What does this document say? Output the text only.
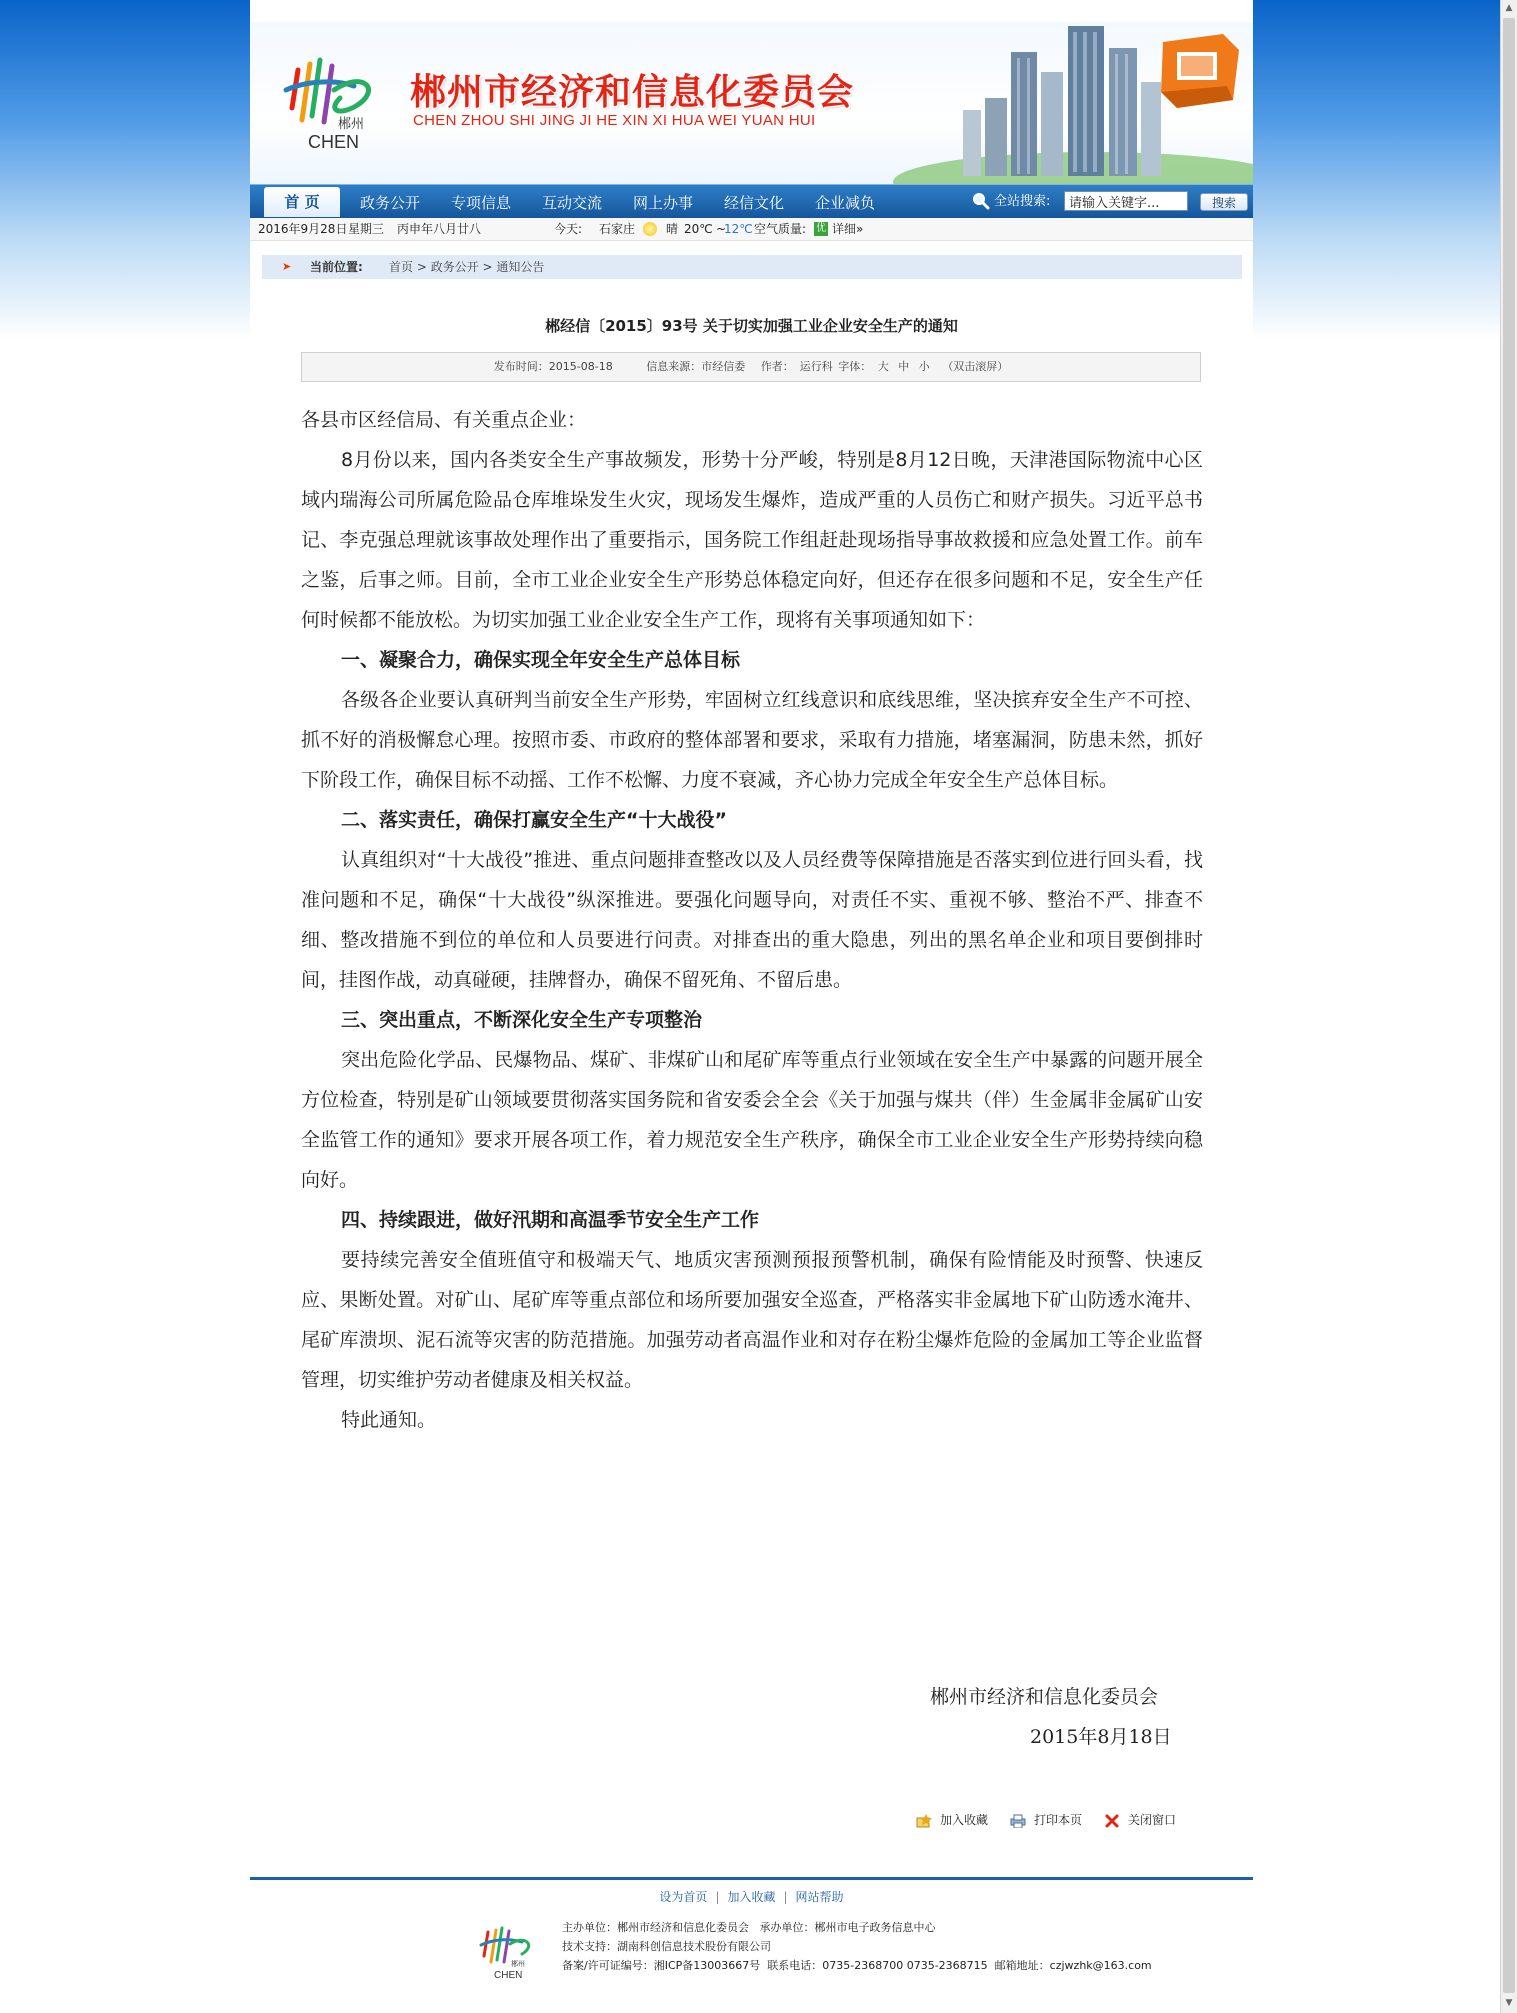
郴州
CHEN
郴州市经济和信息化委员会
CHEN ZHOU SHI JING JI HE XIN XI HUA WEI YUAN HUI
首 页	政务公开	专项信息	互动交流	网上办事	经信文化	企业减负	全站搜索:
请输入关键字...	搜索
2016年9月28日 星期三 丙申年八月廿八	今天: 石家庄	晴 20℃ ~
12℃ 空气质量: 优 详细»
➤ 当前位置: 首页 > 政务公开 > 通知公告
郴经信〔2015〕93号 关于切实加强工业企业安全生产的通知
发布时间：2015-08-18	信息来源：市经信委 作者： 运行科 字体： 大 中 小 （双击滚屏）

各县市区经信局、有关重点企业：

8月份以来，国内各类安全生产事故频发，形势十分严峻，特别是8月12日晚，天津港国际物流中心区域内瑞海公司所属危险品仓库堆垛发生火灾，现场发生爆炸，造成严重的人员伤亡和财产损失。习近平总书记、李克强总理就该事故处理作出了重要指示，国务院工作组赶赴现场指导事故救援和应急处置工作。前车之鉴，后事之师。目前，全市工业企业安全生产形势总体稳定向好，但还存在很多问题和不足，安全生产任何时候都不能放松。为切实加强工业企业安全生产工作，现将有关事项通知如下：

一、凝聚合力，确保实现全年安全生产总体目标

各级各企业要认真研判当前安全生产形势，牢固树立红线意识和底线思维，坚决摈弃安全生产不可控、抓不好的消极懈怠心理。按照市委、市政府的整体部署和要求，采取有力措施，堵塞漏洞，防患未然，抓好下阶段工作，确保目标不动摇、工作不松懈、力度不衰减，齐心协力完成全年安全生产总体目标。

二、落实责任，确保打赢安全生产“十大战役”

认真组织对“十大战役”推进、重点问题排查整改以及人员经费等保障措施是否落实到位进行回头看，找准问题和不足，确保“十大战役”纵深推进。要强化问题导向，对责任不实、重视不够、整治不严、排查不细、整改措施不到位的单位和人员要进行问责。对排查出的重大隐患，列出的黑名单企业和项目要倒排时间，挂图作战，动真碰硬，挂牌督办，确保不留死角、不留后患。

三、突出重点，不断深化安全生产专项整治

突出危险化学品、民爆物品、煤矿、非煤矿山和尾矿库等重点行业领域在安全生产中暴露的问题开展全方位检查，特别是矿山领域要贯彻落实国务院和省安委会全会《关于加强与煤共（伴）生金属非金属矿山安全监管工作的通知》要求开展各项工作，着力规范安全生产秩序，确保全市工业企业安全生产形势持续向稳向好。

四、持续跟进，做好汛期和高温季节安全生产工作

要持续完善安全值班值守和极端天气、地质灾害预测预报预警机制，确保有险情能及时预警、快速反应、果断处置。对矿山、尾矿库等重点部位和场所要加强安全巡查，严格落实非金属地下矿山防透水淹井、尾矿库溃坝、泥石流等灾害的防范措施。加强劳动者高温作业和对存在粉尘爆炸危险的金属加工等企业监督管理，切实维护劳动者健康及相关权益。

特此通知。

郴州市经济和信息化委员会
2015年8月18日
加入收藏	打印本页	关闭窗口
设为首页 | 加入收藏 | 网站帮助
郴州
CHEN
主办单位：郴州市经济和信息化委员会 承办单位：郴州市电子政务信息中心
技术支持：湖南科创信息技术股份有限公司
备案/许可证编号：湘ICP备13003667号 联系电话：0735-2368700 0735-2368715 邮箱地址：czjwzhk@163.com
▲
▼
